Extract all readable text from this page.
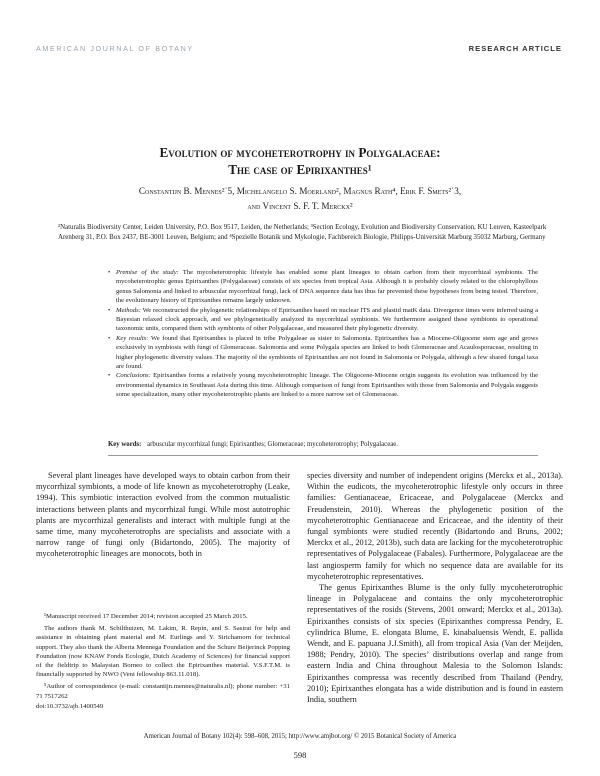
AMERICAN JOURNAL OF BOTANY	RESEARCH ARTICLE
Evolution of mycoheterotrophy in Polygalaceae:
The case of Epirixanthes¹
Constantijn B. Mennes²˙5, Michelangelo S. Moerland², Magnus Rath⁴, Erik F. Smets²˙3,
and Vincent S. F. T. Merckx²
²Naturalis Biodiversity Center, Leiden University, P.O. Box 9517, Leiden, the Netherlands; ³Section Ecology, Evolution and Biodiversity Conservation, KU Leuven, Kasteelpark Arenberg 31, P.O. Box 2437, BE-3001 Leuven, Belgium; and ⁴Spezielle Botanik und Mykologie, Fachbereich Biologie, Philipps-Universität Marburg 35032 Marburg, Germany
• Premise of the study: The mycoheterotrophic lifestyle has enabled some plant lineages to obtain carbon from their mycorrhizal symbionts. The mycoheterotrophic genus Epirixanthes (Polygalaceae) consists of six species from tropical Asia. Although it is probably closely related to the chlorophyllous genus Salomonia and linked to arbuscular mycorrhizal fungi, lack of DNA sequence data has thus far prevented these hypotheses from being tested. Therefore, the evolutionary history of Epirixanthes remains largely unknown.
• Methods: We reconstructed the phylogenetic relationships of Epirixanthes based on nuclear ITS and plastid matK data. Divergence times were inferred using a Bayesian relaxed clock approach, and we phylogenetically analyzed its mycorrhizal symbionts. We furthermore assigned these symbionts to operational taxonomic units, compared them with symbionts of other Polygalaceae, and measured their phylogenetic diversity.
• Key results: We found that Epirixanthes is placed in tribe Polygaleae as sister to Salomonia. Epirixanthes has a Miocene-Oligocene stem age and grows exclusively in symbiosis with fungi of Glomeraceae. Salomonia and some Polygala species are linked to both Glomeraceae and Acaulosporaceae, resulting in higher phylogenetic diversity values. The majority of the symbionts of Epirixanthes are not found in Salomonia or Polygala, although a few shared fungal taxa are found.
• Conclusions: Epirixanthes forms a relatively young mycoheterotrophic lineage. The Oligocene-Miocene origin suggests its evolution was influenced by the environmental dynamics in Southeast Asia during this time. Although comparison of fungi from Epirixanthes with those from Salomonia and Polygala suggests some specialization, many other mycoheterotrophic plants are linked to a more narrow set of Glomeraceae.
Key words: arbuscular mycorrhizal fungi; Epirixanthes; Glomeraceae; mycoheterotrophy; Polygalaceae.
Several plant lineages have developed ways to obtain carbon from their mycorrhizal symbionts, a mode of life known as mycoheterotrophy (Leake, 1994). This symbiotic interaction evolved from the common mutualistic interactions between plants and mycorrhizal fungi. While most autotrophic plants are mycorrhizal generalists and interact with multiple fungi at the same time, many mycoheterotrophs are specialists and associate with a narrow range of fungi only (Bidartondo, 2005). The majority of mycoheterotrophic lineages are monocots, both in
¹Manuscript received 17 December 2014; revision accepted 25 March 2015.
The authors thank M. Schilthuizen, M. Lakim, R. Repin, and S. Sasirat for help and assistance in obtaining plant material and M. Eurlings and Y. Sirichamorn for technical support. They also thank the Alberta Mennega Foundation and the Schure Beijerinck Popping Foundation (now KNAW Fonds Ecologie, Dutch Academy of Sciences) for financial support of the fieldtrip to Malaysian Borneo to collect the Epirixanthes material. V.S.F.T.M. is financially supported by NWO (Veni fellowship 863.11.018).
⁵Author of correspondence (e-mail: constantijn.mennes@naturalis.nl); phone number: +31 71 7517262
doi:10.3732/ajb.1400549
species diversity and number of independent origins (Merckx et al., 2013a). Within the eudicots, the mycoheterotrophic lifestyle only occurs in three families: Gentianaceae, Ericaceae, and Polygalaceae (Merckx and Freudenstein, 2010). Whereas the phylogenetic position of the mycoheterotrophic Gentianaceae and Ericaceae, and the identity of their fungal symbionts were studied recently (Bidartondo and Bruns, 2002; Merckx et al., 2012, 2013b), such data are lacking for the mycoheterotrophic representatives of Polygalaceae (Fabales). Furthermore, Polygalaceae are the last angiosperm family for which no sequence data are available for its mycoheterotrophic representatives.
The genus Epirixanthes Blume is the only fully mycoheterotrophic lineage in Polygalaceae and contains the only mycoheterotrophic representatives of the rosids (Stevens, 2001 onward; Merckx et al., 2013a). Epirixanthes consists of six species (Epirixanthes compressa Pendry, E. cylindrica Blume, E. elongata Blume, E. kinabaluensis Wendt, E. pallida Wendt, and E. papuana J.J.Smith), all from tropical Asia (Van der Meijden, 1988; Pendry, 2010). The species’ distributions overlap and range from eastern India and China throughout Malesia to the Solomon Islands: Epirixanthes compressa was recently described from Thailand (Pendry, 2010); Epirixanthes elongata has a wide distribution and is found in eastern India, southern
American Journal of Botany 102(4): 598–608, 2015; http://www.amjbot.org/ © 2015 Botanical Society of America
598
